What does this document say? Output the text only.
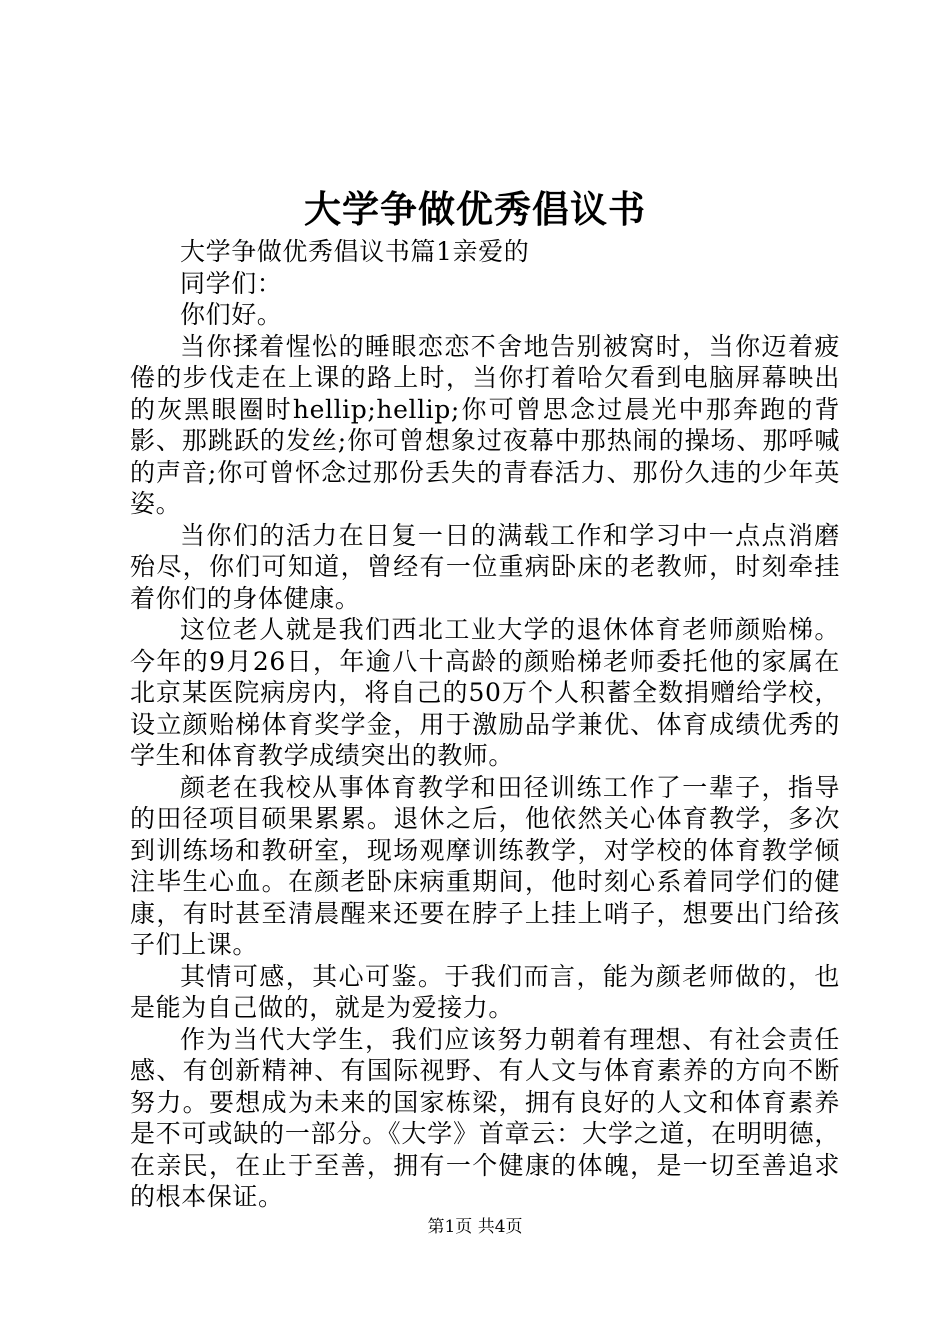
大学争做优秀倡议书

大学争做优秀倡议书篇1亲爱的

同学们：

你们好。

当你揉着惺忪的睡眼恋恋不舍地告别被窝时，当你迈着疲倦的步伐走在上课的路上时，当你打着哈欠看到电脑屏幕映出的灰黑眼圈时hellip;hellip;你可曾思念过晨光中那奔跑的背影、那跳跃的发丝;你可曾想象过夜幕中那热闹的操场、那呼喊的声音;你可曾怀念过那份丢失的青春活力、那份久违的少年英姿。

当你们的活力在日复一日的满载工作和学习中一点点消磨殆尽，你们可知道，曾经有一位重病卧床的老教师，时刻牵挂着你们的身体健康。

这位老人就是我们西北工业大学的退休体育老师颜贻梯。今年的9月26日，年逾八十高龄的颜贻梯老师委托他的家属在北京某医院病房内，将自己的50万个人积蓄全数捐赠给学校，设立颜贻梯体育奖学金，用于激励品学兼优、体育成绩优秀的学生和体育教学成绩突出的教师。

颜老在我校从事体育教学和田径训练工作了一辈子，指导的田径项目硕果累累。退休之后，他依然关心体育教学，多次到训练场和教研室，现场观摩训练教学，对学校的体育教学倾注毕生心血。在颜老卧床病重期间，他时刻心系着同学们的健康，有时甚至清晨醒来还要在脖子上挂上哨子，想要出门给孩子们上课。

其情可感，其心可鉴。于我们而言，能为颜老师做的，也是能为自己做的，就是为爱接力。

作为当代大学生，我们应该努力朝着有理想、有社会责任感、有创新精神、有国际视野、有人文与体育素养的方向不断努力。要想成为未来的国家栋梁，拥有良好的人文和体育素养是不可或缺的一部分。《大学》首章云：大学之道，在明明德，在亲民，在止于至善，拥有一个健康的体魄，是一切至善追求的根本保证。

第1页 共4页
